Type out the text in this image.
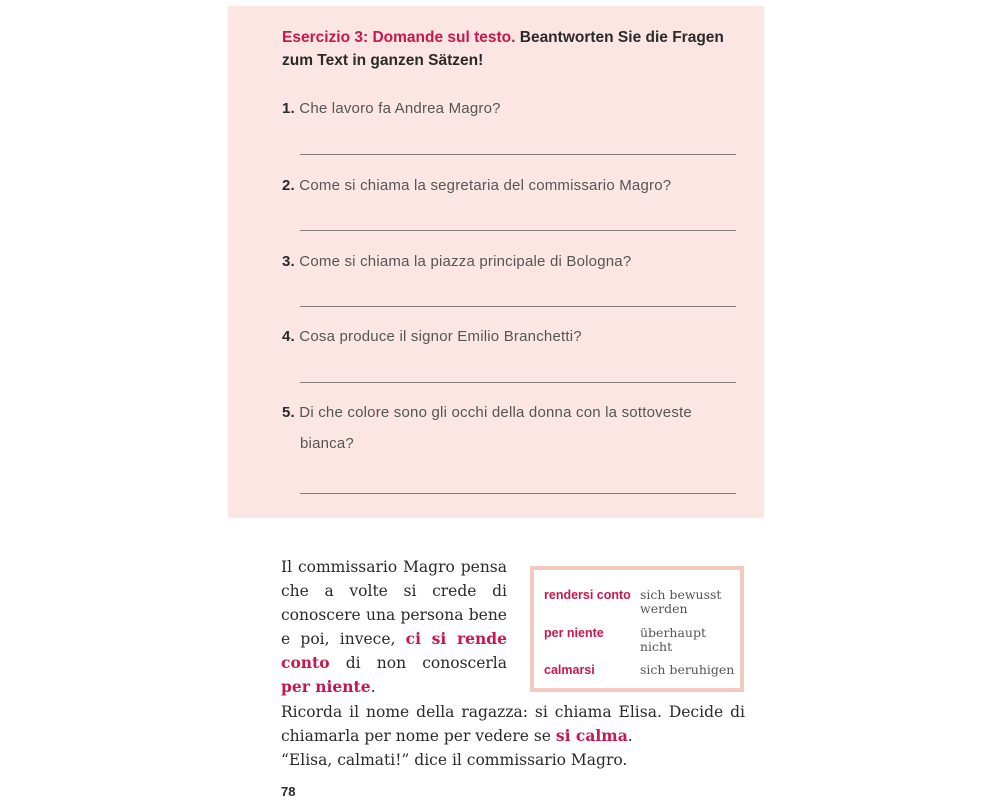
Esercizio 3: Domande sul testo. Beantworten Sie die Fragen zum Text in ganzen Sätzen!
1. Che lavoro fa Andrea Magro?
2. Come si chiama la segretaria del commissario Magro?
3. Come si chiama la piazza principale di Bologna?
4. Cosa produce il signor Emilio Branchetti?
5. Di che colore sono gli occhi della donna con la sottoveste
bianca?
Il commissario Magro pensa che a volte si crede di conoscere una persona bene e poi, invece, ci si rende conto di non conoscerla per niente.
rendersi conto sich bewusst werden
per niente	überhaupt nicht
calmarsi	sich beruhigen

Ricorda il nome della ragazza: si chiama Elisa. Decide di chiamarla per nome per vedere se si calma.

“Elisa, calmati!” dice il commissario Magro.

78
